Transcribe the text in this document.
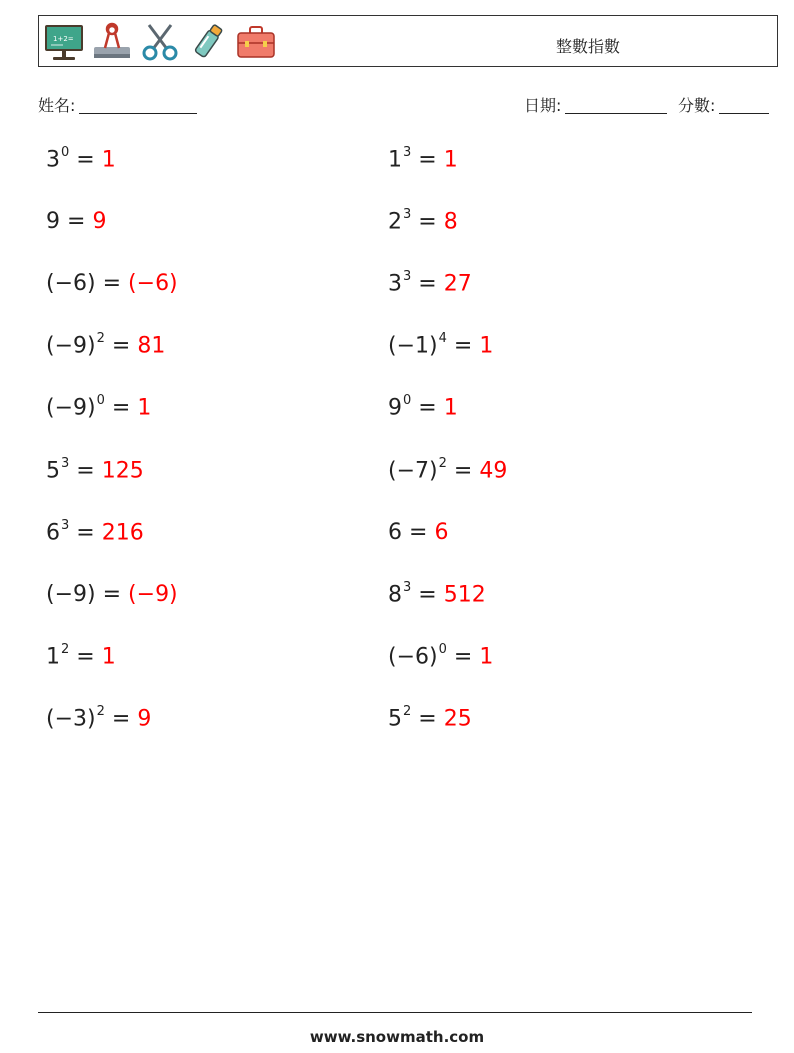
1+2=	整數指數
姓名:	日期:	分數:
$3^0 = 1$	$1^3 = 1$
9 = 9	$2^3 = 8$
(−6) = (−6)	$3^3 = 27$
$(-9)^2 = 81$	$(-1)^4 = 1$
$(-9)^0 = 1$	$9^0 = 1$
$5^3 = 125$	$(-7)^2 = 49$
$6^3 = 216$	6 = 6
(−9) = (−9)	$8^3 = 512$
$1^2 = 1$	$(-6)^0 = 1$
$(-3)^2 = 9$	$5^2 = 25$
www.snowmath.com
